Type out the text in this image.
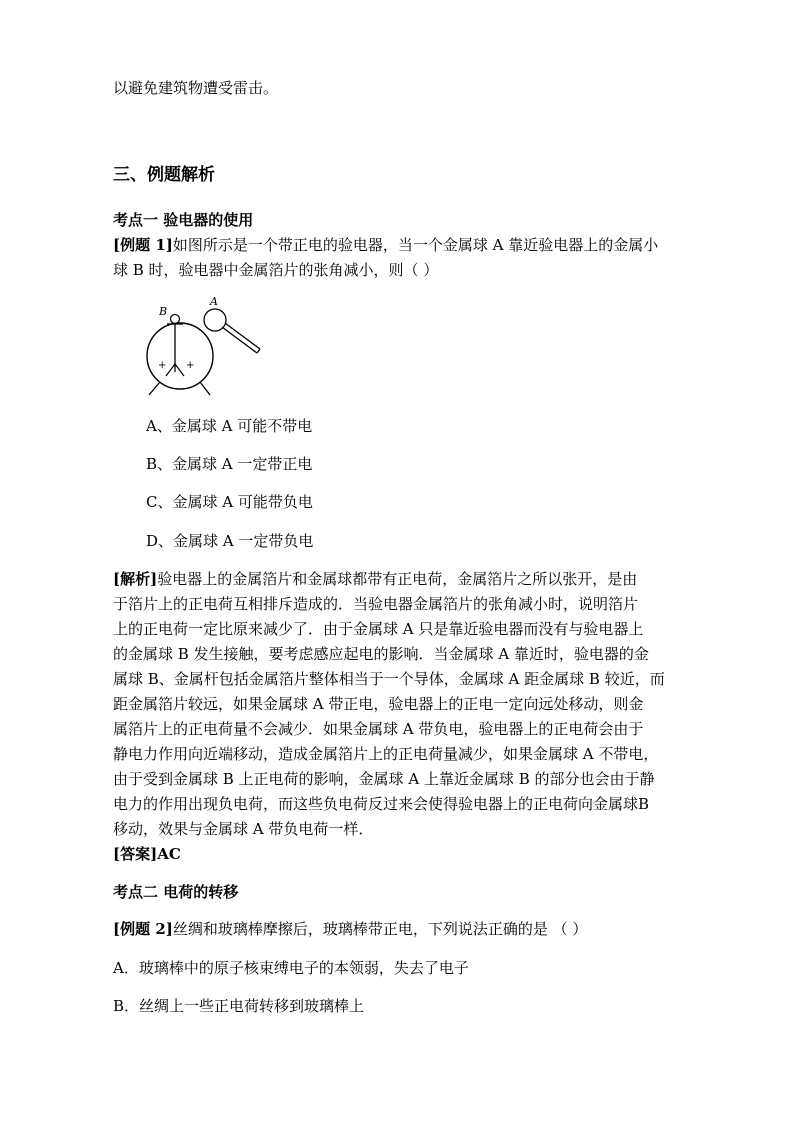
以避免建筑物遭受雷击。
三、例题解析
考点一 验电器的使用
[例题 1]如图所示是一个带正电的验电器，当一个金属球 A 靠近验电器上的金属小
球 B 时，验电器中金属箔片的张角减小，则（ ）
+ +
B
A
A、金属球 A 可能不带电
B、金属球 A 一定带正电
C、金属球 A 可能带负电
D、金属球 A 一定带负电
[解析]验电器上的金属箔片和金属球都带有正电荷，金属箔片之所以张开，是由
于箔片上的正电荷互相排斥造成的．当验电器金属箔片的张角减小时，说明箔片
上的正电荷一定比原来减少了．由于金属球 A 只是靠近验电器而没有与验电器上
的金属球 B 发生接触，要考虑感应起电的影响．当金属球 A 靠近时，验电器的金
属球 B、金属杆包括金属箔片整体相当于一个导体，金属球 A 距金属球 B 较近，而
距金属箔片较远，如果金属球 A 带正电，验电器上的正电一定向远处移动，则金
属箔片上的正电荷量不会减少．如果金属球 A 带负电，验电器上的正电荷会由于
静电力作用向近端移动，造成金属箔片上的正电荷量减少，如果金属球 A 不带电，
由于受到金属球 B 上正电荷的影响，金属球 A 上靠近金属球 B 的部分也会由于静
电力的作用出现负电荷，而这些负电荷反过来会使得验电器上的正电荷向金属球B
移动，效果与金属球 A 带负电荷一样．
[答案]AC
考点二 电荷的转移
[例题 2]丝绸和玻璃棒摩擦后，玻璃棒带正电，下列说法正确的是 （ ）
A．玻璃棒中的原子核束缚电子的本领弱，失去了电子
B．丝绸上一些正电荷转移到玻璃棒上
